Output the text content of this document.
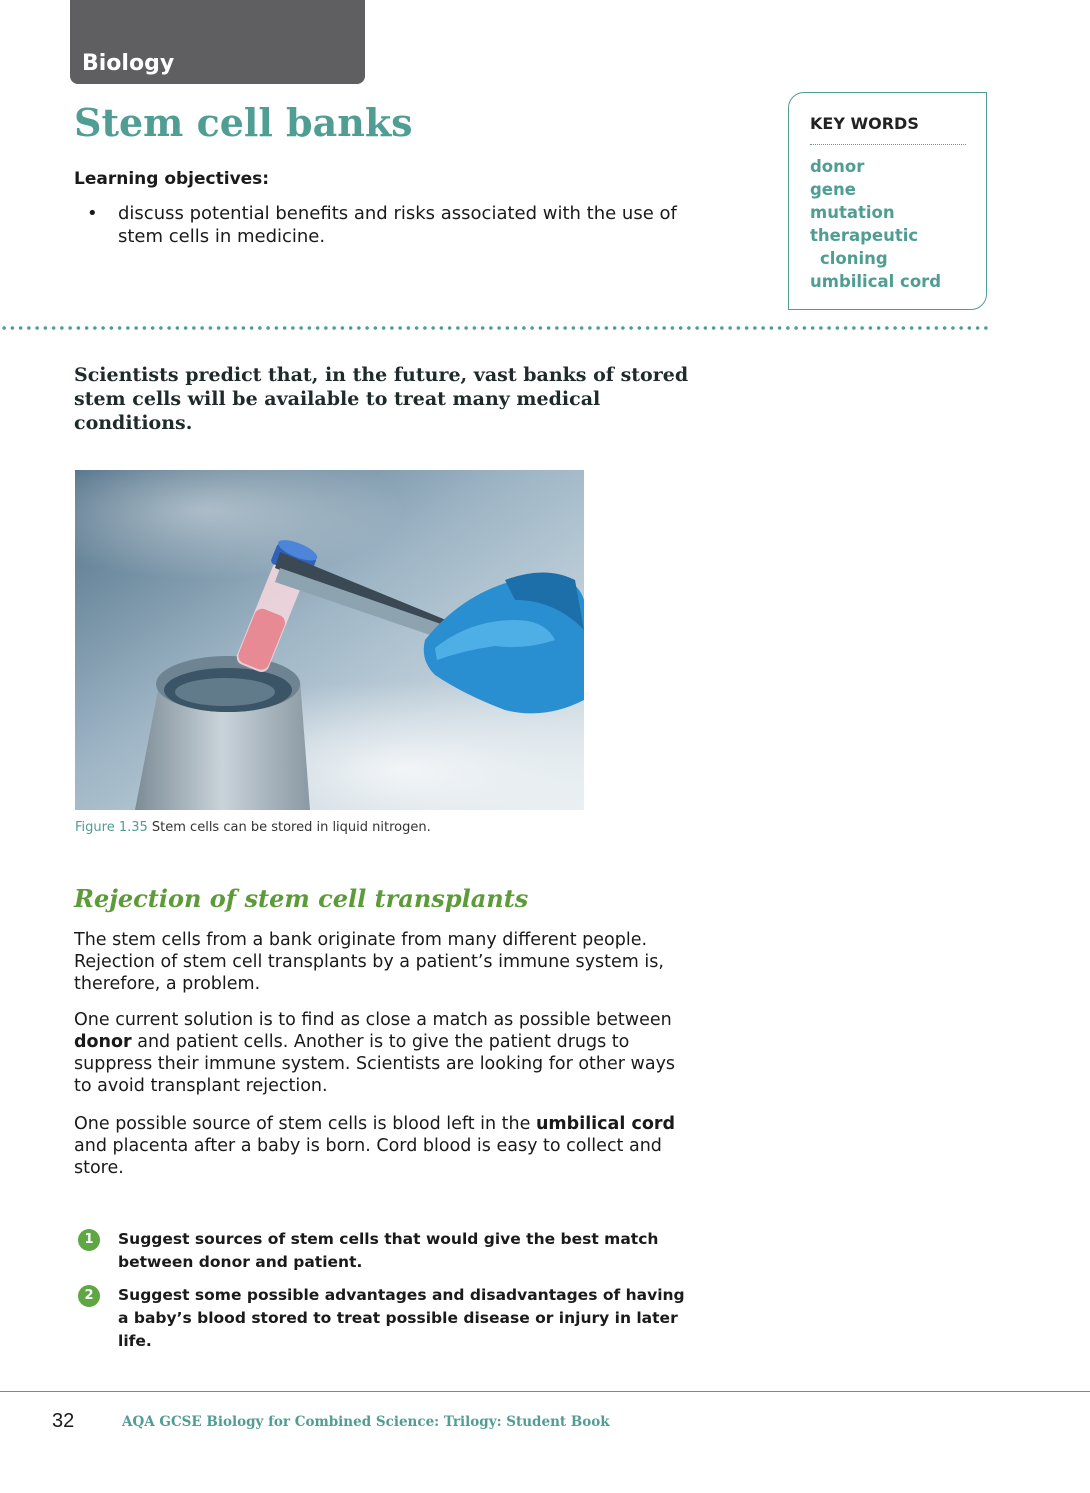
Biology
Stem cell banks
Learning objectives:
• discuss potential benefits and risks associated with the use of stem cells in medicine.
KEY WORDS
donor
gene
mutation
therapeutic
cloning
umbilical cord

Scientists predict that, in the future, vast banks of stored stem cells will be available to treat many medical conditions.

Figure 1.35 Stem cells can be stored in liquid nitrogen.
Rejection of stem cell transplants

The stem cells from a bank originate from many different people. Rejection of stem cell transplants by a patient’s immune system is, therefore, a problem.

One current solution is to find as close a match as possible between donor and patient cells. Another is to give the patient drugs to suppress their immune system. Scientists are looking for other ways to avoid transplant rejection.

One possible source of stem cells is blood left in the umbilical cord and placenta after a baby is born. Cord blood is easy to collect and store.

1	Suggest sources of stem cells that would give the best match between donor and patient.
2	Suggest some possible advantages and disadvantages of having a baby’s blood stored to treat possible disease or injury in later life.
32	AQA GCSE Biology for Combined Science: Trilogy: Student Book
